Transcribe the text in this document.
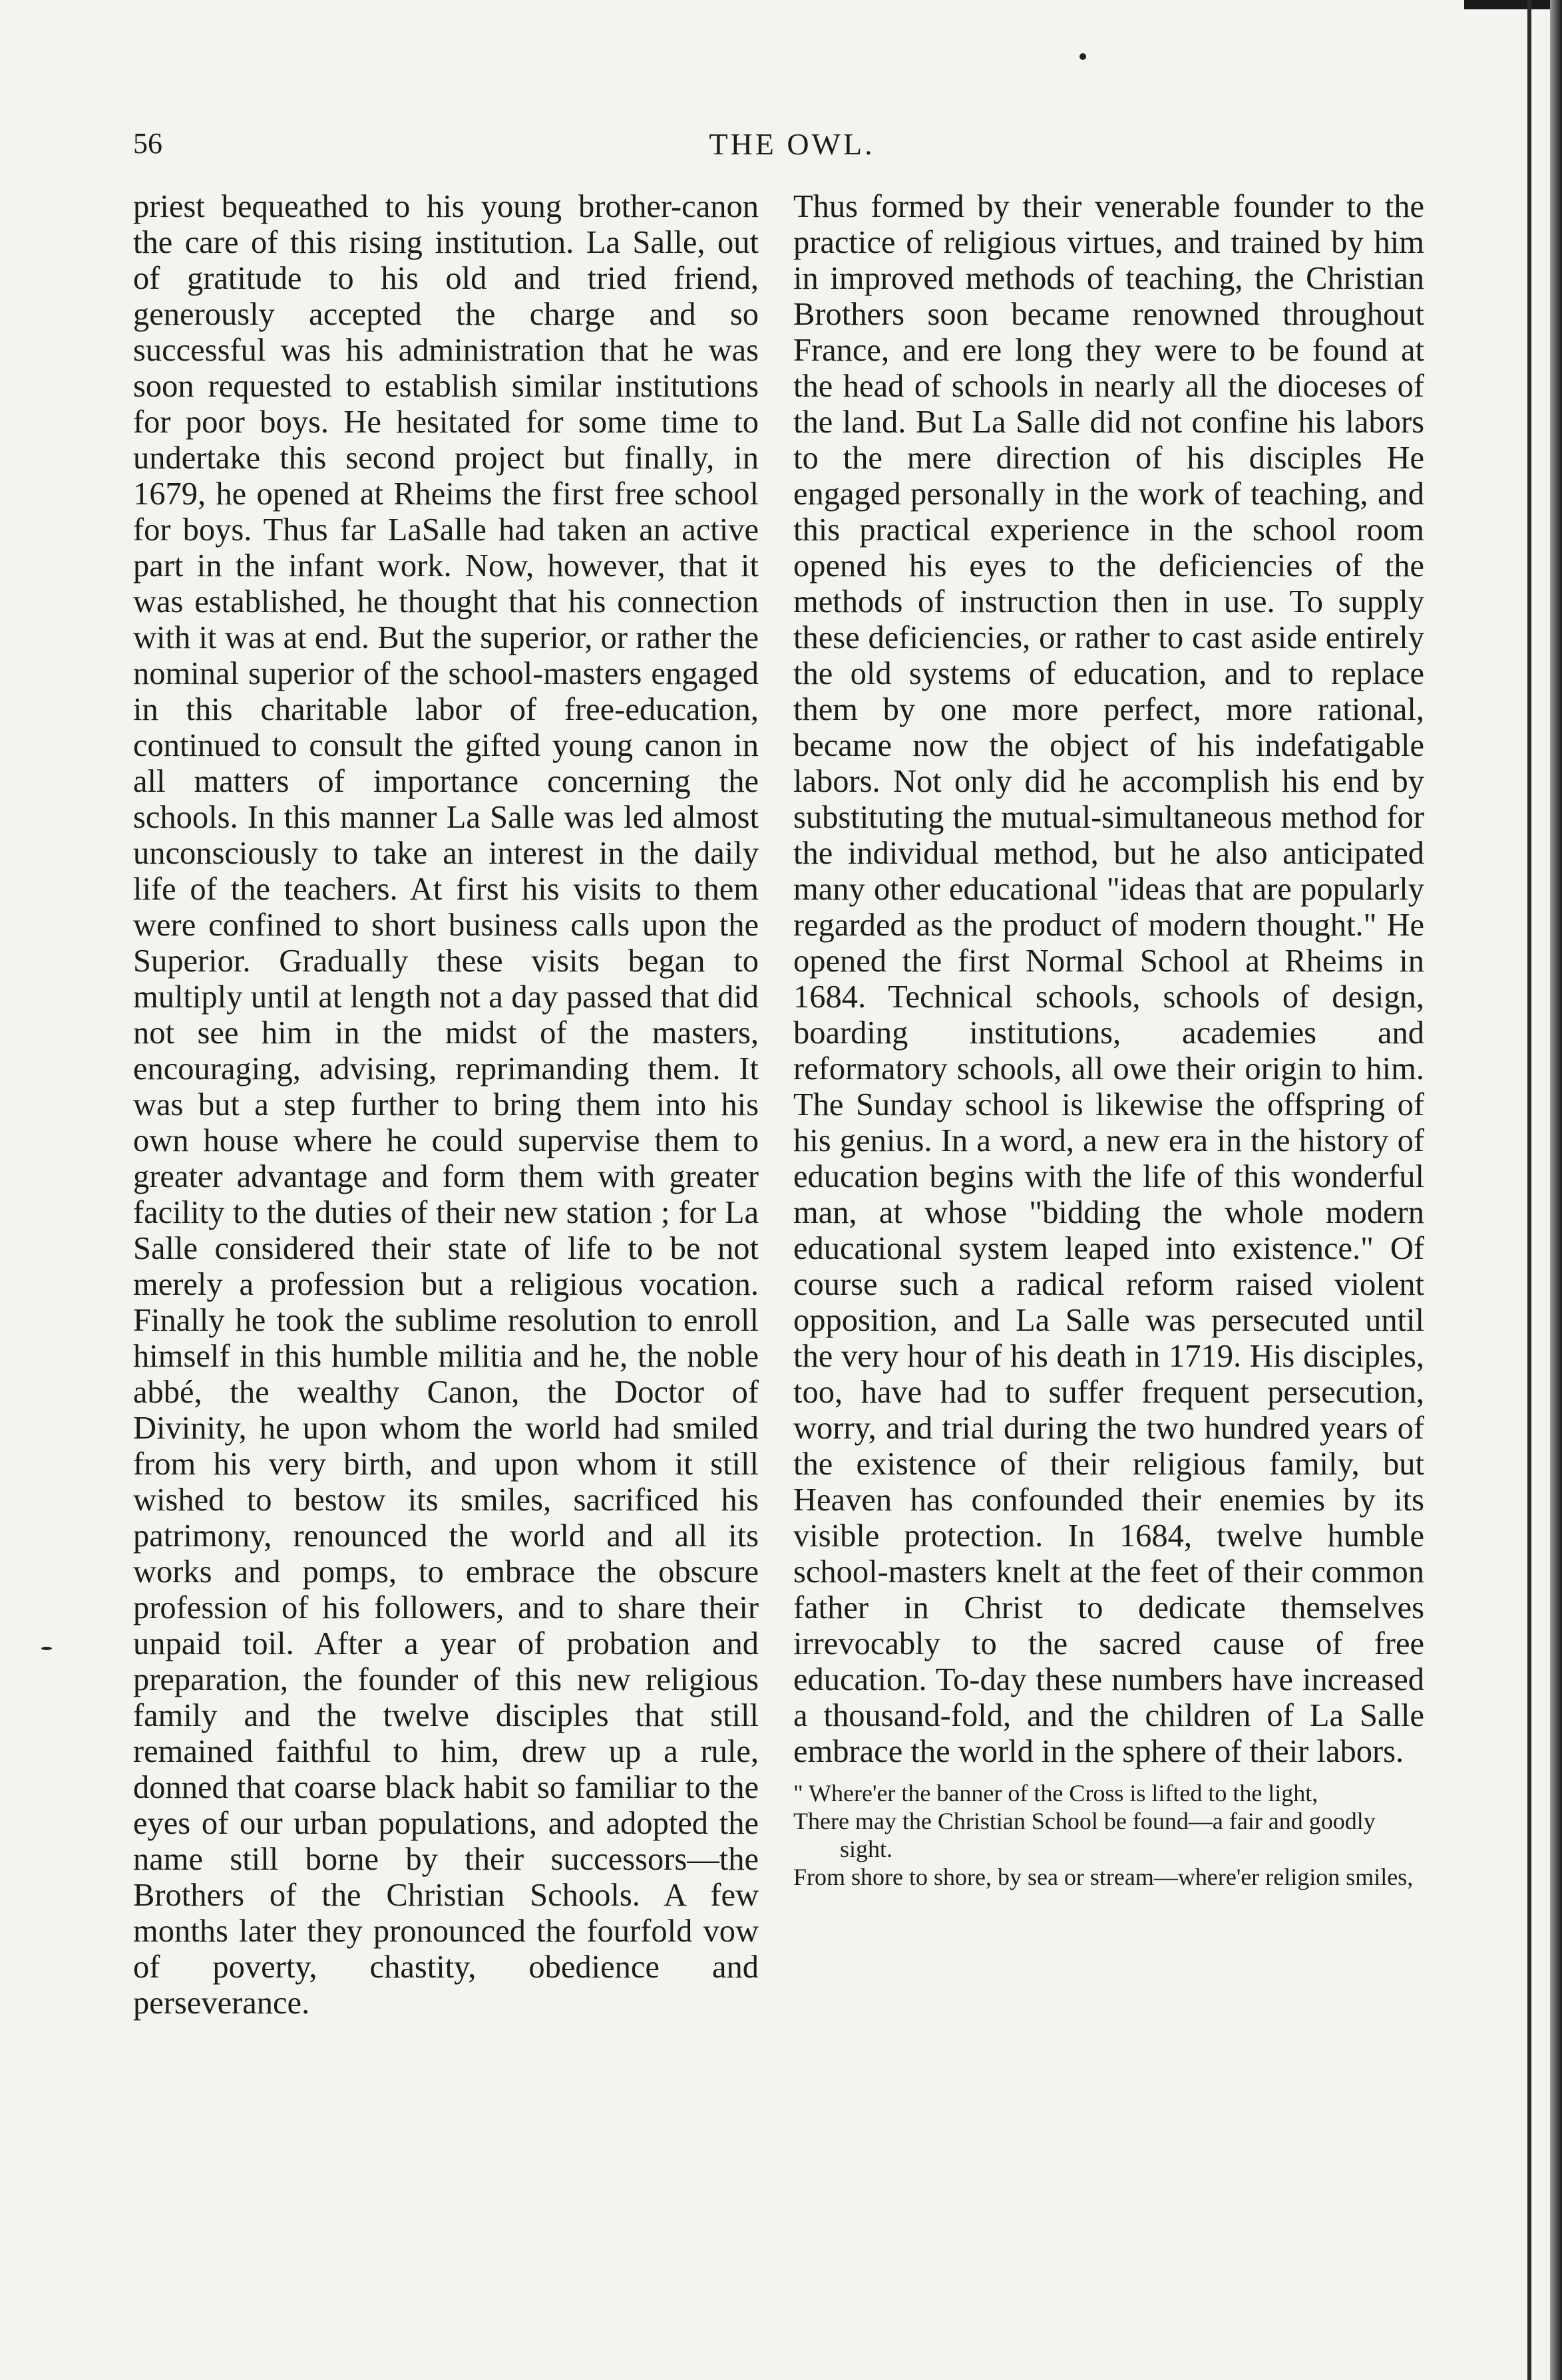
56	THE OWL.

priest bequeathed to his young brother-canon the care of this rising institution. La Salle, out of gratitude to his old and tried friend, generously accepted the charge and so successful was his administration that he was soon requested to establish similar institutions for poor boys. He hesitated for some time to undertake this second project but finally, in 1679, he opened at Rheims the first free school for boys. Thus far LaSalle had taken an active part in the infant work. Now, however, that it was established, he thought that his connection with it was at end. But the superior, or rather the nominal superior of the school-masters engaged in this charitable labor of free-education, continued to consult the gifted young canon in all matters of importance concerning the schools. In this manner La Salle was led almost unconsciously to take an interest in the daily life of the teachers. At first his visits to them were confined to short business calls upon the Superior. Gradually these visits began to multiply until at length not a day passed that did not see him in the midst of the masters, encouraging, advising, reprimanding them. It was but a step further to bring them into his own house where he could supervise them to greater advantage and form them with greater facility to the duties of their new station ; for La Salle considered their state of life to be not merely a profession but a religious vocation. Finally he took the sublime resolution to enroll himself in this humble militia and he, the noble abbé, the wealthy Canon, the Doctor of Divinity, he upon whom the world had smiled from his very birth, and upon whom it still wished to bestow its smiles, sacrificed his patrimony, renounced the world and all its works and pomps, to embrace the obscure profession of his followers, and to share their unpaid toil. After a year of probation and preparation, the founder of this new religious family and the twelve disciples that still remained faithful to him, drew up a rule, donned that coarse black habit so familiar to the eyes of our urban populations, and adopted the name still borne by their successors—the Brothers of the Christian Schools. A few months later they pronounced the fourfold vow of poverty, chastity, obedience and perseverance.

Thus formed by their venerable founder to the practice of religious virtues, and trained by him in improved methods of teaching, the Christian Brothers soon became renowned throughout France, and ere long they were to be found at the head of schools in nearly all the dioceses of the land. But La Salle did not confine his labors to the mere direction of his disciples He engaged personally in the work of teaching, and this practical experience in the school room opened his eyes to the deficiencies of the methods of instruction then in use. To supply these deficiencies, or rather to cast aside entirely the old systems of education, and to replace them by one more perfect, more rational, became now the object of his indefatigable labors. Not only did he accomplish his end by substituting the mutual-simultaneous method for the individual method, but he also anticipated many other educational "ideas that are popularly regarded as the product of modern thought." He opened the first Normal School at Rheims in 1684. Technical schools, schools of design, boarding institutions, academies and reformatory schools, all owe their origin to him. The Sunday school is likewise the offspring of his genius. In a word, a new era in the history of education begins with the life of this wonderful man, at whose "bidding the whole modern educational system leaped into existence." Of course such a radical reform raised violent opposition, and La Salle was persecuted until the very hour of his death in 1719. His disciples, too, have had to suffer frequent persecution, worry, and trial during the two hundred years of the existence of their religious family, but Heaven has confounded their enemies by its visible protection. In 1684, twelve humble school-masters knelt at the feet of their common father in Christ to dedicate themselves irrevocably to the sacred cause of free education. To-day these numbers have increased a thousand-fold, and the children of La Salle embrace the world in the sphere of their labors.

" Where'er the banner of the Cross is lifted to the light,

There may the Christian School be found—a fair and goodly sight.

From shore to shore, by sea or stream—where'er religion smiles,
